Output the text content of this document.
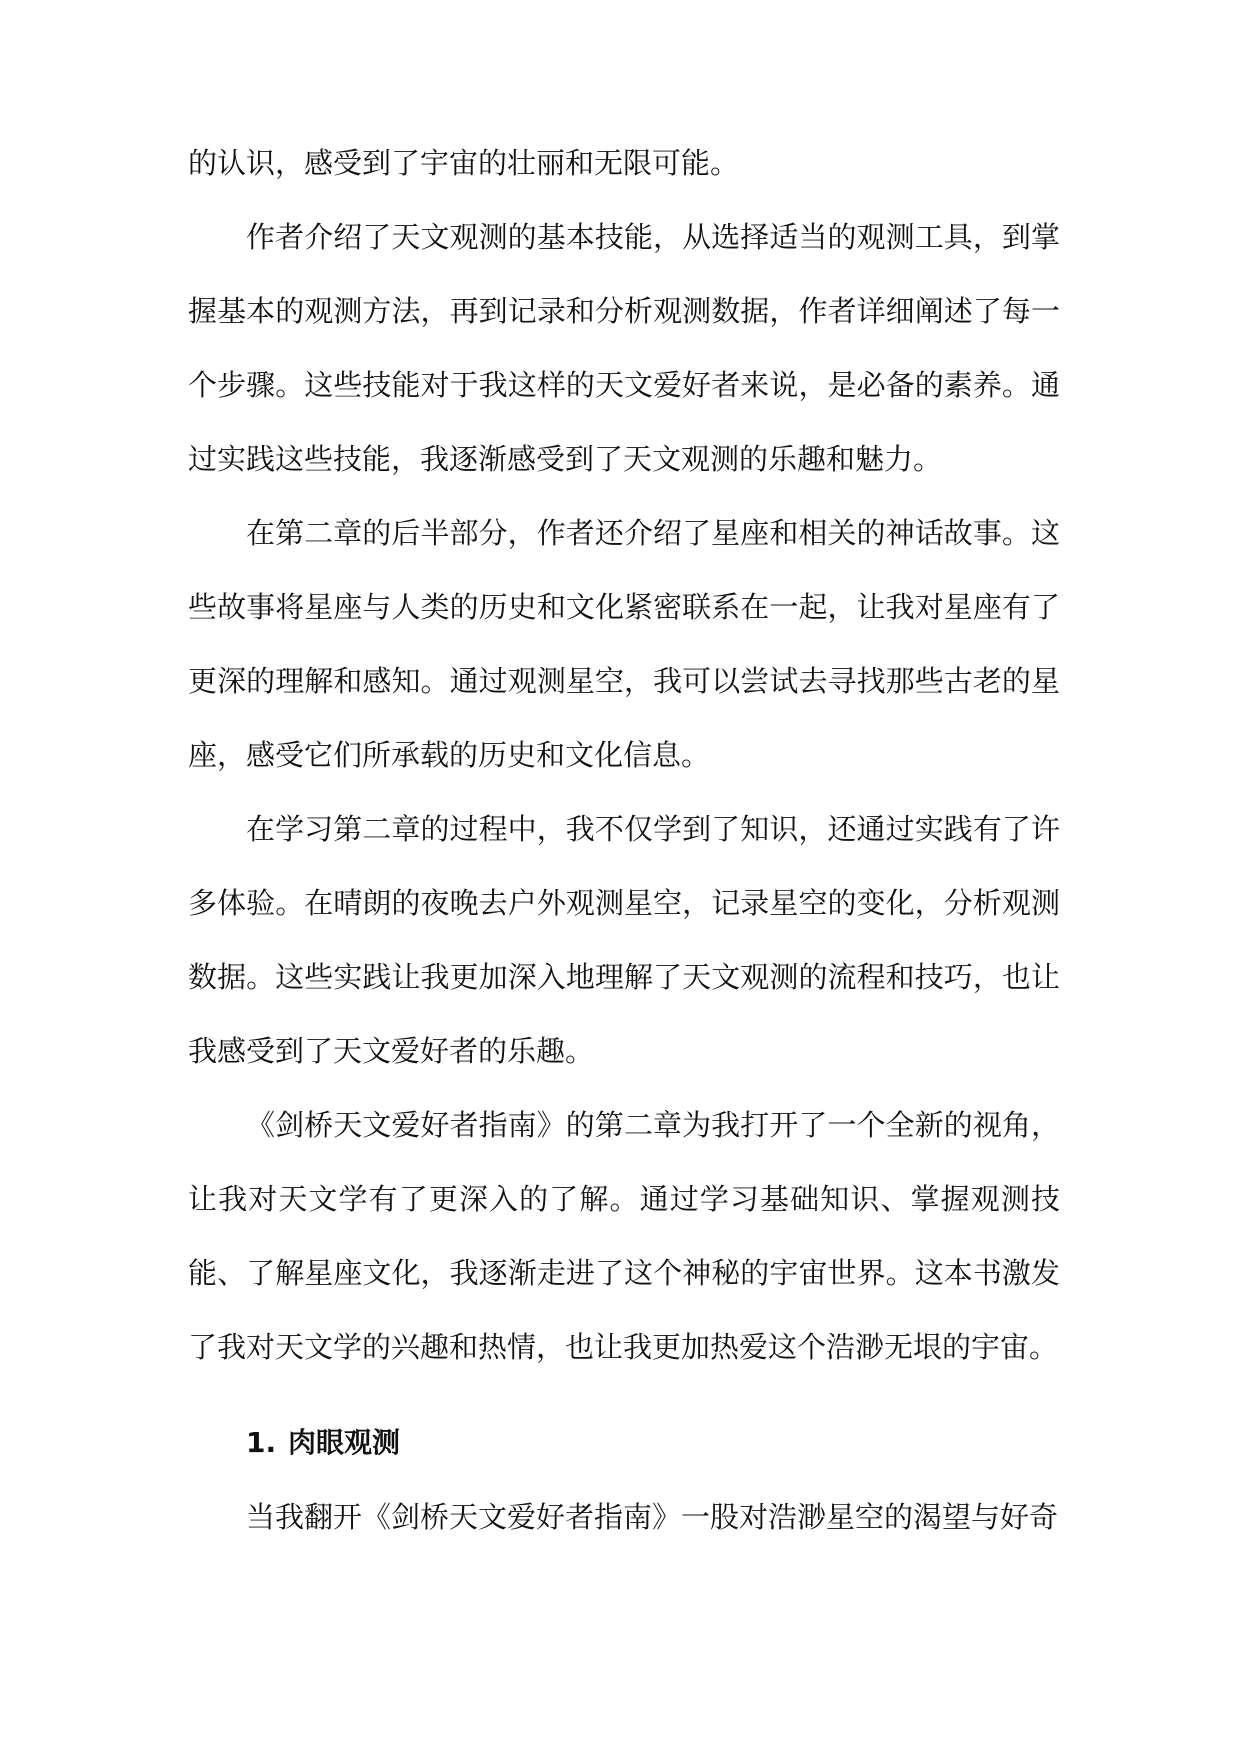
的认识，感受到了宇宙的壮丽和无限可能。

作者介绍了天文观测的基本技能，从选择适当的观测工具，到掌握基本的观测方法，再到记录和分析观测数据，作者详细阐述了每一个步骤。这些技能对于我这样的天文爱好者来说，是必备的素养。通过实践这些技能，我逐渐感受到了天文观测的乐趣和魅力。

在第二章的后半部分，作者还介绍了星座和相关的神话故事。这些故事将星座与人类的历史和文化紧密联系在一起，让我对星座有了更深的理解和感知。通过观测星空，我可以尝试去寻找那些古老的星座，感受它们所承载的历史和文化信息。

在学习第二章的过程中，我不仅学到了知识，还通过实践有了许多体验。在晴朗的夜晚去户外观测星空，记录星空的变化，分析观测数据。这些实践让我更加深入地理解了天文观测的流程和技巧，也让我感受到了天文爱好者的乐趣。

《剑桥天文爱好者指南》的第二章为我打开了一个全新的视角，让我对天文学有了更深入的了解。通过学习基础知识、掌握观测技能、了解星座文化，我逐渐走进了这个神秘的宇宙世界。这本书激发了我对天文学的兴趣和热情，也让我更加热爱这个浩渺无垠的宇宙。

1. 肉眼观测

当我翻开《剑桥天文爱好者指南》一股对浩渺星空的渴望与好奇
